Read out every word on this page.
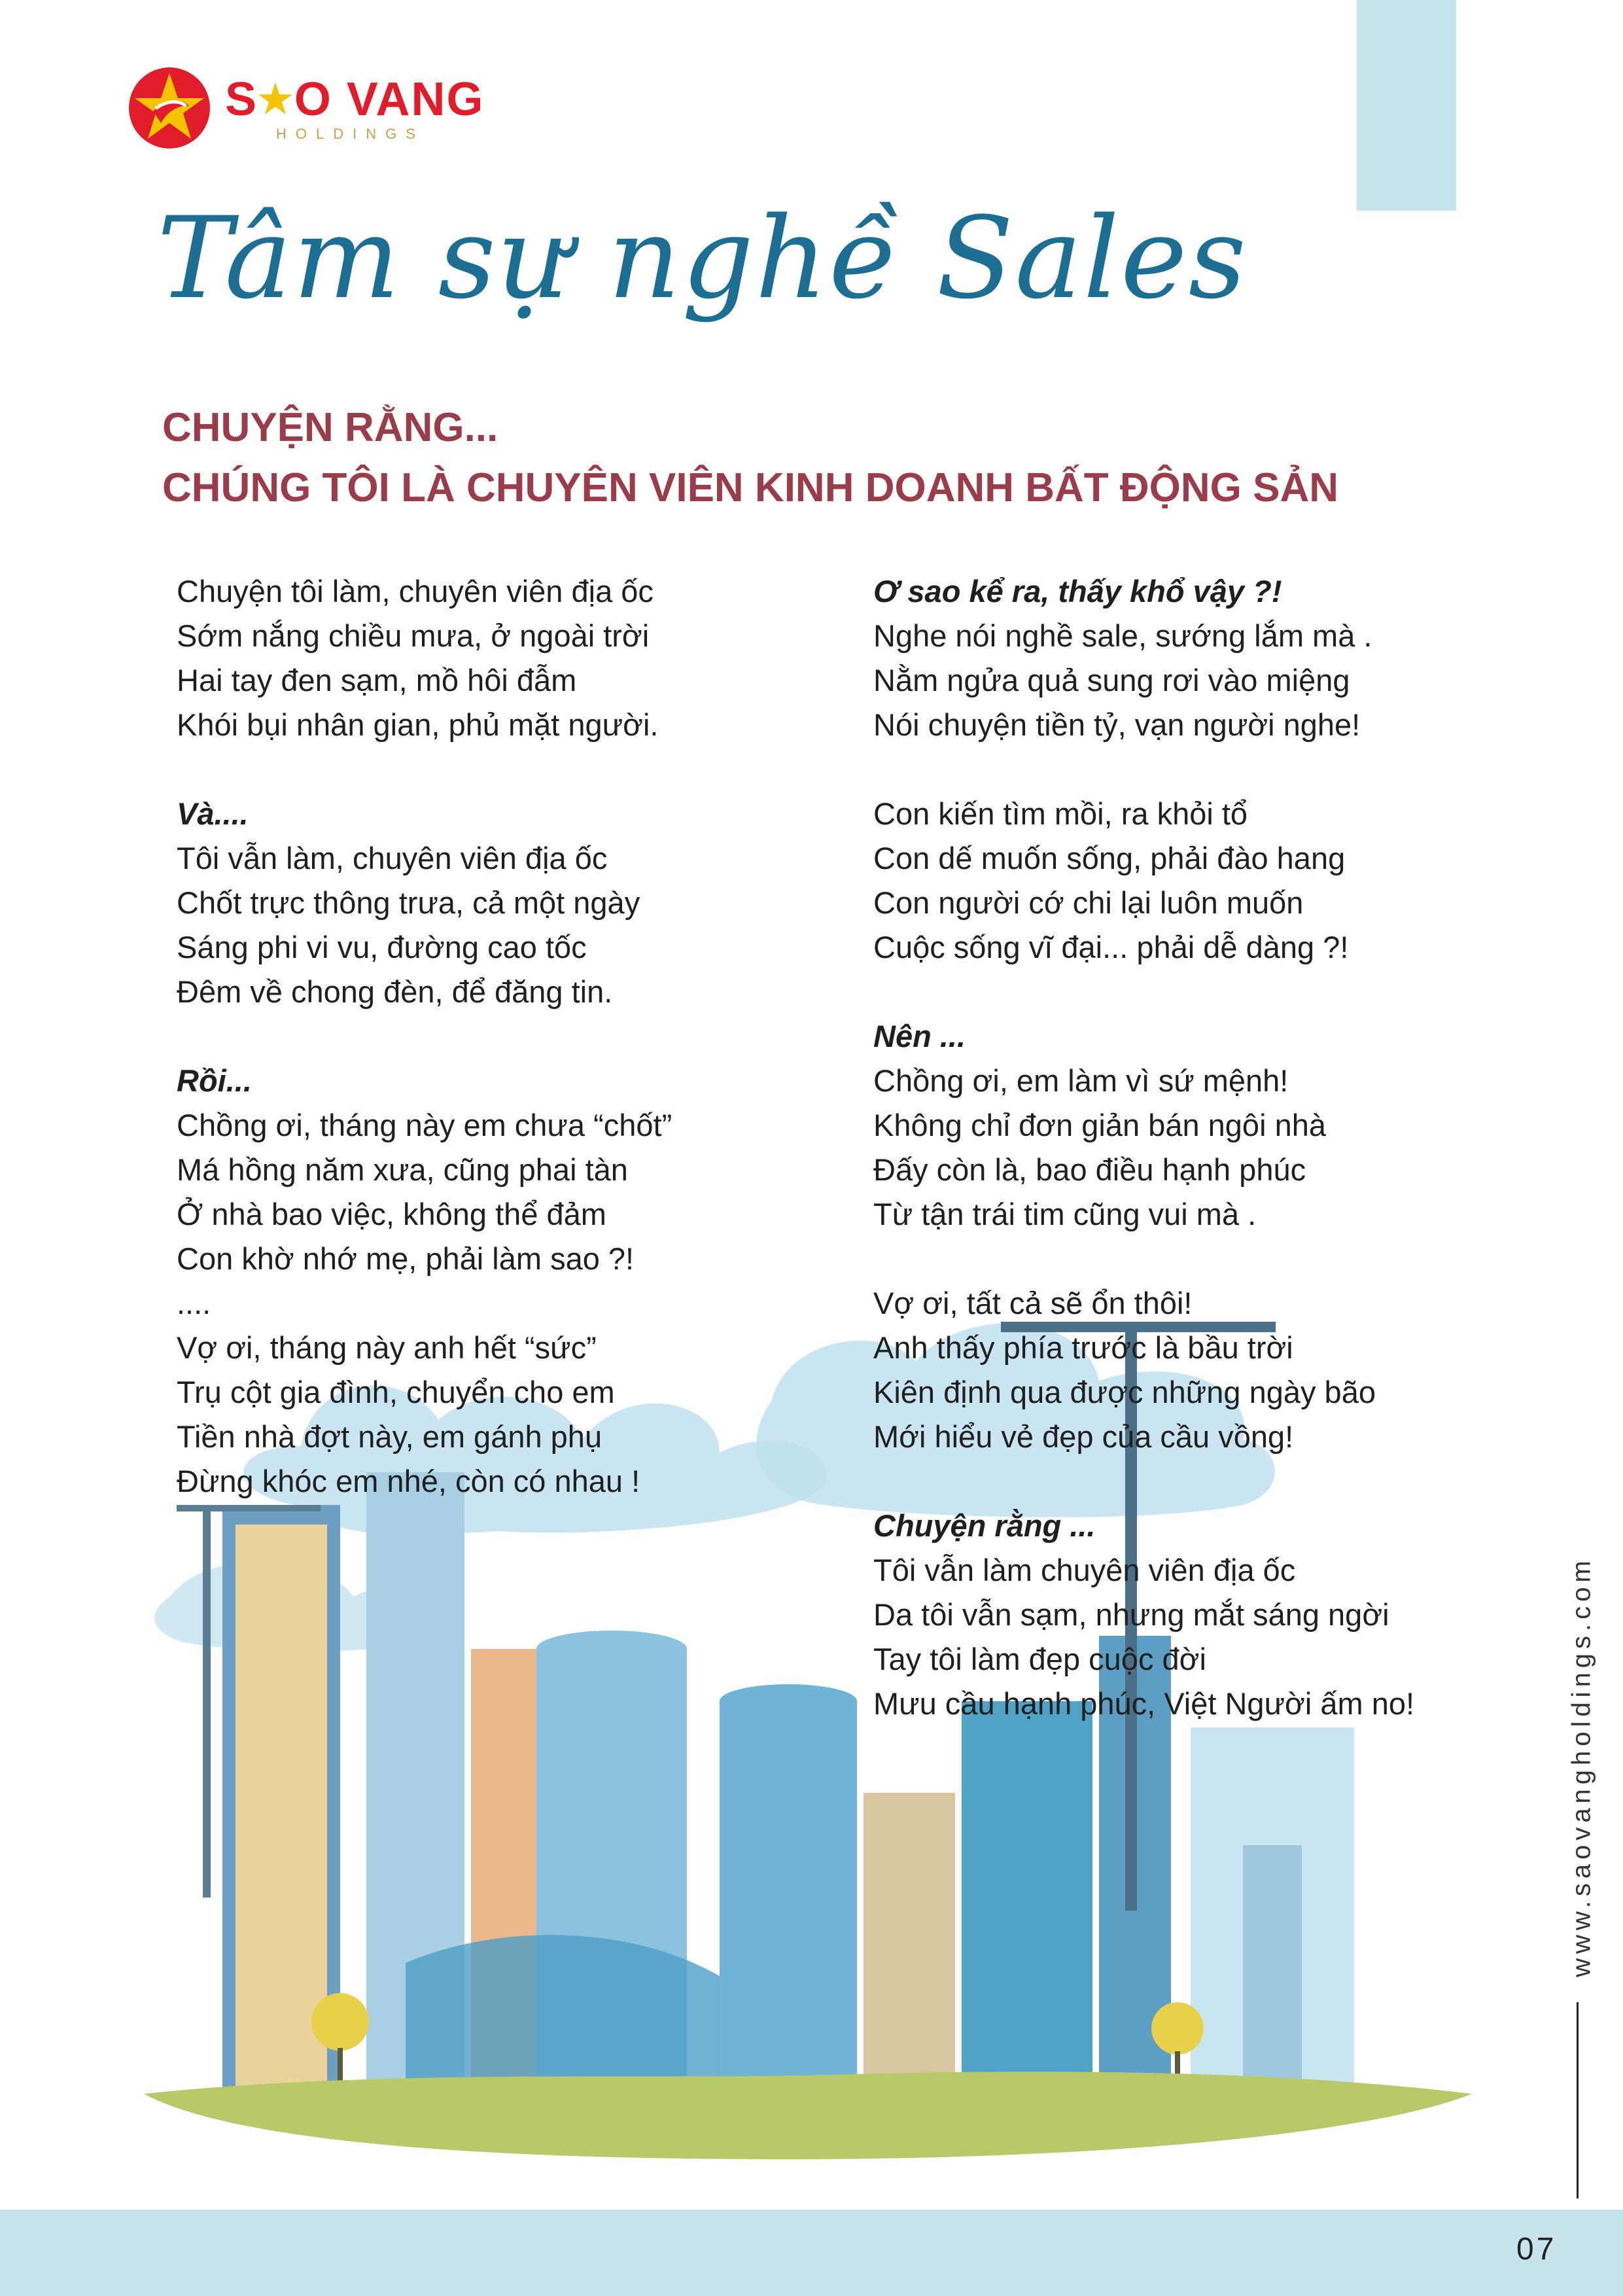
S★O VANG
HOLDINGS
Tâm sự nghề Sales
CHUYỆN RẰNG...
CHÚNG TÔI LÀ CHUYÊN VIÊN KINH DOANH BẤT ĐỘNG SẢN
Chuyện tôi làm, chuyên viên địa ốc
Sớm nắng chiều mưa, ở ngoài trời
Hai tay đen sạm, mồ hôi đẫm
Khói bụi nhân gian, phủ mặt người.
Và....
Tôi vẫn làm, chuyên viên địa ốc
Chốt trực thông trưa, cả một ngày
Sáng phi vi vu, đường cao tốc
Đêm về chong đèn, để đăng tin.
Rồi...
Chồng ơi, tháng này em chưa “chốt”
Má hồng năm xưa, cũng phai tàn
Ở nhà bao việc, không thể đảm
Con khờ nhớ mẹ, phải làm sao ?!
....
Vợ ơi, tháng này anh hết “sức”
Trụ cột gia đình, chuyển cho em
Tiền nhà đợt này, em gánh phụ
Đừng khóc em nhé, còn có nhau !
Ơ sao kể ra, thấy khổ vậy ?!
Nghe nói nghề sale, sướng lắm mà .
Nằm ngửa quả sung rơi vào miệng
Nói chuyện tiền tỷ, vạn người nghe!
Con kiến tìm mồi, ra khỏi tổ
Con dế muốn sống, phải đào hang
Con người cớ chi lại luôn muốn
Cuộc sống vĩ đại... phải dễ dàng ?!
Nên ...
Chồng ơi, em làm vì sứ mệnh!
Không chỉ đơn giản bán ngôi nhà
Đấy còn là, bao điều hạnh phúc
Từ tận trái tim cũng vui mà .
Vợ ơi, tất cả sẽ ổn thôi!
Anh thấy phía trước là bầu trời
Kiên định qua được những ngày bão
Mới hiểu vẻ đẹp của cầu vồng!
Chuyện rằng ...
Tôi vẫn làm chuyên viên địa ốc
Da tôi vẫn sạm, nhưng mắt sáng ngời
Tay tôi làm đẹp cuộc đời
Mưu cầu hạnh phúc, Việt Người ấm no!	www.saovangholdings.com
07
